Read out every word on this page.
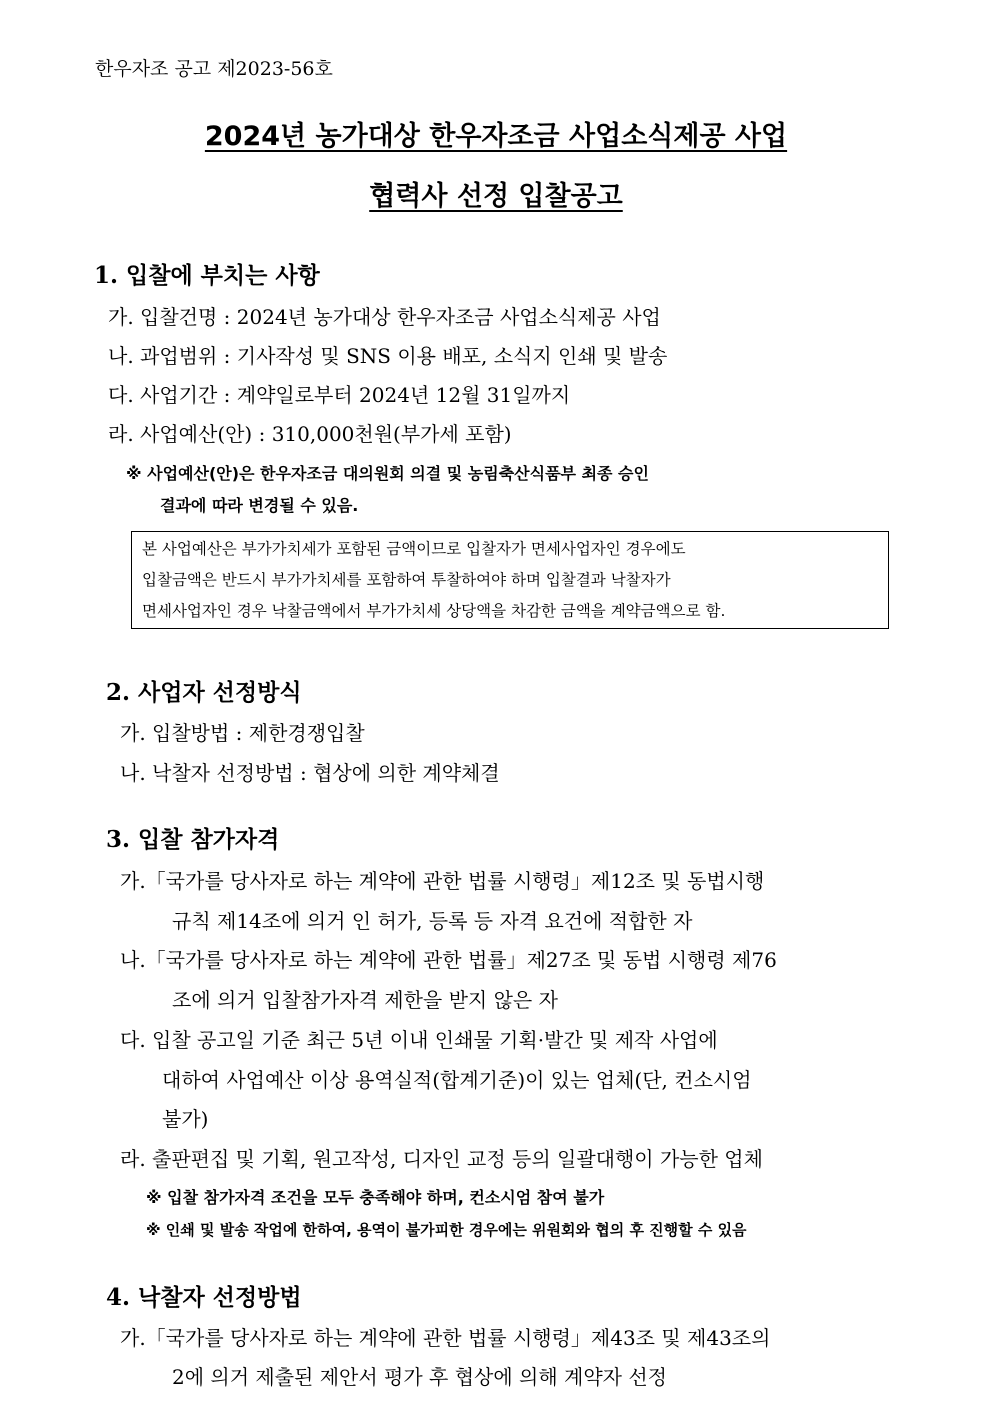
한우자조 공고 제2023-56호
2024년 농가대상 한우자조금 사업소식제공 사업
협력사 선정 입찰공고
1. 입찰에 부치는 사항
가. 입찰건명 : 2024년 농가대상 한우자조금 사업소식제공 사업
나. 과업범위 : 기사작성 및 SNS 이용 배포, 소식지 인쇄 및 발송
다. 사업기간 : 계약일로부터 2024년 12월 31일까지
라. 사업예산(안) : 310,000천원(부가세 포함)
※ 사업예산(안)은 한우자조금 대의원회 의결 및 농림축산식품부 최종 승인
결과에 따라 변경될 수 있음.
본 사업예산은 부가가치세가 포함된 금액이므로 입찰자가 면세사업자인 경우에도
입찰금액은 반드시 부가가치세를 포함하여 투찰하여야 하며 입찰결과 낙찰자가
면세사업자인 경우 낙찰금액에서 부가가치세 상당액을 차감한 금액을 계약금액으로 함.
2. 사업자 선정방식
가. 입찰방법 : 제한경쟁입찰
나. 낙찰자 선정방법 : 협상에 의한 계약체결
3. 입찰 참가자격
가.「국가를 당사자로 하는 계약에 관한 법률 시행령」제12조 및 동법시행
규칙 제14조에 의거 인 허가, 등록 등 자격 요건에 적합한 자
나.「국가를 당사자로 하는 계약에 관한 법률」제27조 및 동법 시행령 제76
조에 의거 입찰참가자격 제한을 받지 않은 자
다. 입찰 공고일 기준 최근 5년 이내 인쇄물 기획·발간 및 제작 사업에
대하여 사업예산 이상 용역실적(합계기준)이 있는 업체(단, 컨소시엄
불가)
라. 출판편집 및 기획, 원고작성, 디자인 교정 등의 일괄대행이 가능한 업체
※ 입찰 참가자격 조건을 모두 충족해야 하며, 컨소시엄 참여 불가
※ 인쇄 및 발송 작업에 한하여, 용역이 불가피한 경우에는 위원회와 협의 후 진행할 수 있음
4. 낙찰자 선정방법
가.「국가를 당사자로 하는 계약에 관한 법률 시행령」제43조 및 제43조의
2에 의거 제출된 제안서 평가 후 협상에 의해 계약자 선정
